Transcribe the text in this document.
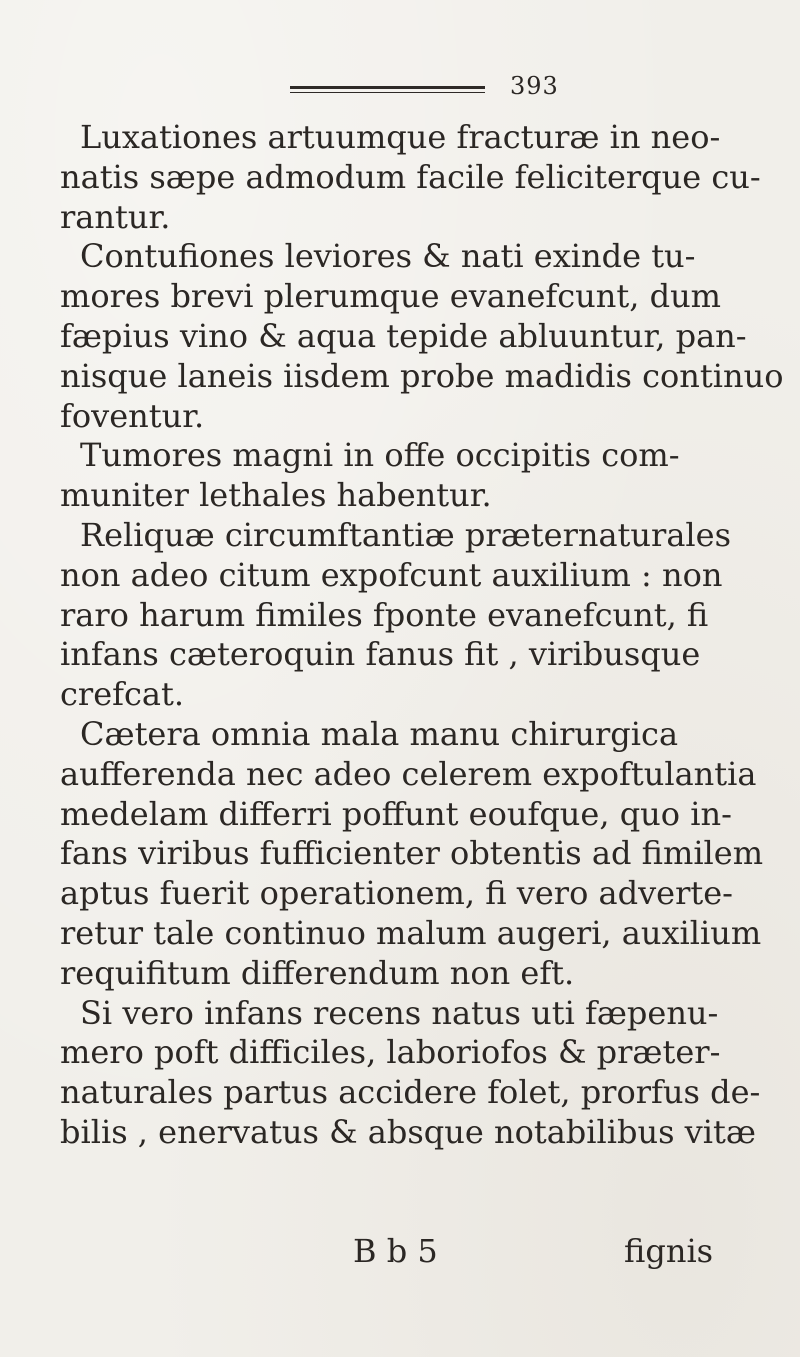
393
Luxationes artuumque fracturæ in neo-
natis sæpe admodum facile feliciterque cu-
rantur.
Contufiones leviores & nati exinde tu-
mores brevi plerumque evanefcunt, dum
fæpius vino & aqua tepide abluuntur, pan-
nisque laneis iisdem probe madidis continuo
foventur.
Tumores magni in offe occipitis com-
muniter lethales habentur.
Reliquæ circumftantiæ præternaturales
non adeo citum expofcunt auxilium : non
raro harum fimiles fponte evanefcunt, fi
infans cæteroquin fanus fit , viribusque
crefcat.
Cætera omnia mala manu chirurgica
aufferenda nec adeo celerem expoftulantia
medelam differri poffunt eoufque, quo in-
fans viribus fufficienter obtentis ad fimilem
aptus fuerit operationem, fi vero adverte-
retur tale continuo malum augeri, auxilium
requifitum differendum non eft.
Si vero infans recens natus uti fæpenu-
mero poft difficiles, laboriofos & præter-
naturales partus accidere folet, prorfus de-
bilis , enervatus & absque notabilibus vitæ
B b 5	fignis
